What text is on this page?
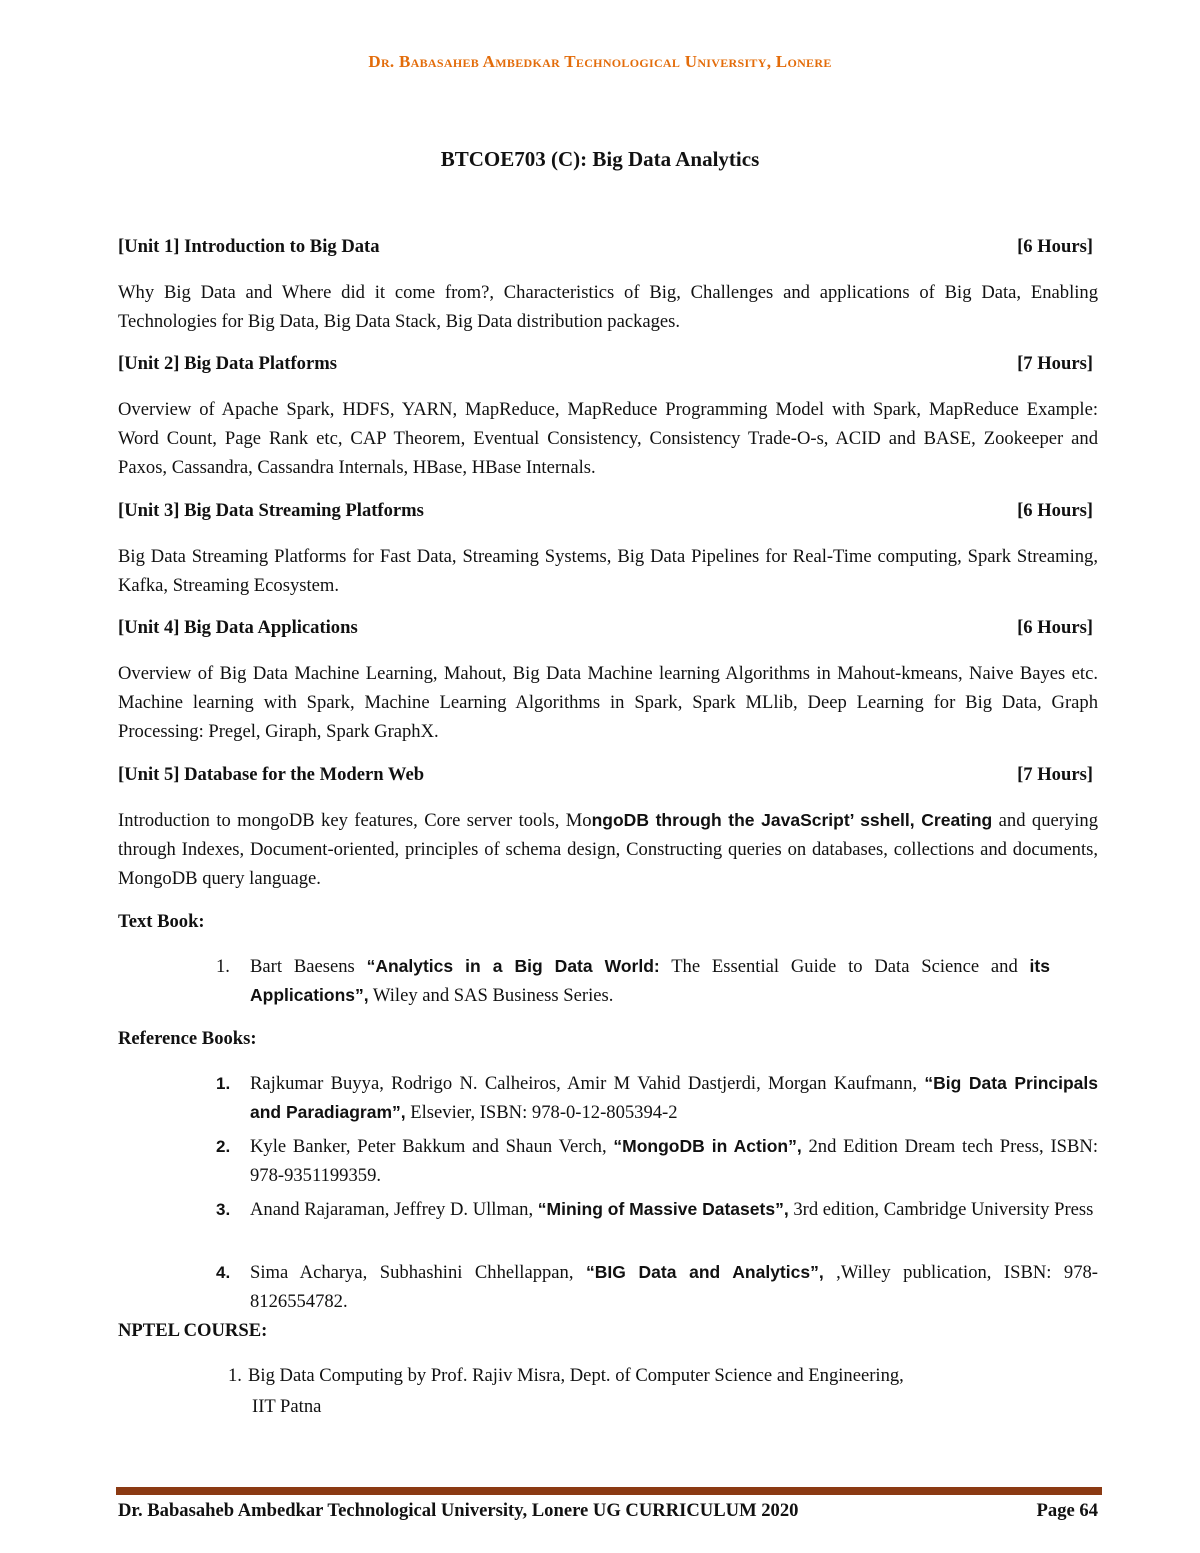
Dr. Babasaheb Ambedkar Technological University, Lonere
BTCOE703 (C): Big Data Analytics
[Unit 1] Introduction to Big Data	[6 Hours]
Why Big Data and Where did it come from?, Characteristics of Big, Challenges and applications of Big Data, Enabling Technologies for Big Data, Big Data Stack, Big Data distribution packages.
[Unit 2] Big Data Platforms	[7 Hours]
Overview of Apache Spark, HDFS, YARN, MapReduce, MapReduce Programming Model with Spark, MapReduce Example: Word Count, Page Rank etc, CAP Theorem, Eventual Consistency, Consistency Trade-O-s, ACID and BASE, Zookeeper and Paxos, Cassandra, Cassandra Internals, HBase, HBase Internals.
[Unit 3] Big Data Streaming Platforms	[6 Hours]
Big Data Streaming Platforms for Fast Data, Streaming Systems, Big Data Pipelines for Real-Time computing, Spark Streaming, Kafka, Streaming Ecosystem.
[Unit 4] Big Data Applications	[6 Hours]
Overview of Big Data Machine Learning, Mahout, Big Data Machine learning Algorithms in Mahout-kmeans, Naive Bayes etc. Machine learning with Spark, Machine Learning Algorithms in Spark, Spark MLlib, Deep Learning for Big Data, Graph Processing: Pregel, Giraph, Spark GraphX.
[Unit 5] Database for the Modern Web	[7 Hours]
Introduction to mongoDB key features, Core server tools, MongoDB through the JavaScript’ sshell, Creating and querying through Indexes, Document-oriented, principles of schema design, Constructing queries on databases, collections and documents, MongoDB query language.
Text Book:
1. Bart Baesens “Analytics in a Big Data World: The Essential Guide to Data Science and its Applications”, Wiley and SAS Business Series.
Reference Books:
1. Rajkumar Buyya, Rodrigo N. Calheiros, Amir M Vahid Dastjerdi, Morgan Kaufmann, “Big Data Principals and Paradiagram”, Elsevier, ISBN: 978-0-12-805394-2
2. Kyle Banker, Peter Bakkum and Shaun Verch, “MongoDB in Action”, 2nd Edition Dream tech Press, ISBN: 978-9351199359.
3. Anand Rajaraman, Jeffrey D. Ullman, “Mining of Massive Datasets”, 3rd edition, Cambridge University Press
4. Sima Acharya, Subhashini Chhellappan, “BIG Data and Analytics”, ,Willey publication, ISBN: 978-8126554782.
NPTEL COURSE:
1. Big Data Computing by Prof. Rajiv Misra, Dept. of Computer Science and Engineering,
IIT Patna
Dr. Babasaheb Ambedkar Technological University, Lonere UG CURRICULUM 2020	Page 64
